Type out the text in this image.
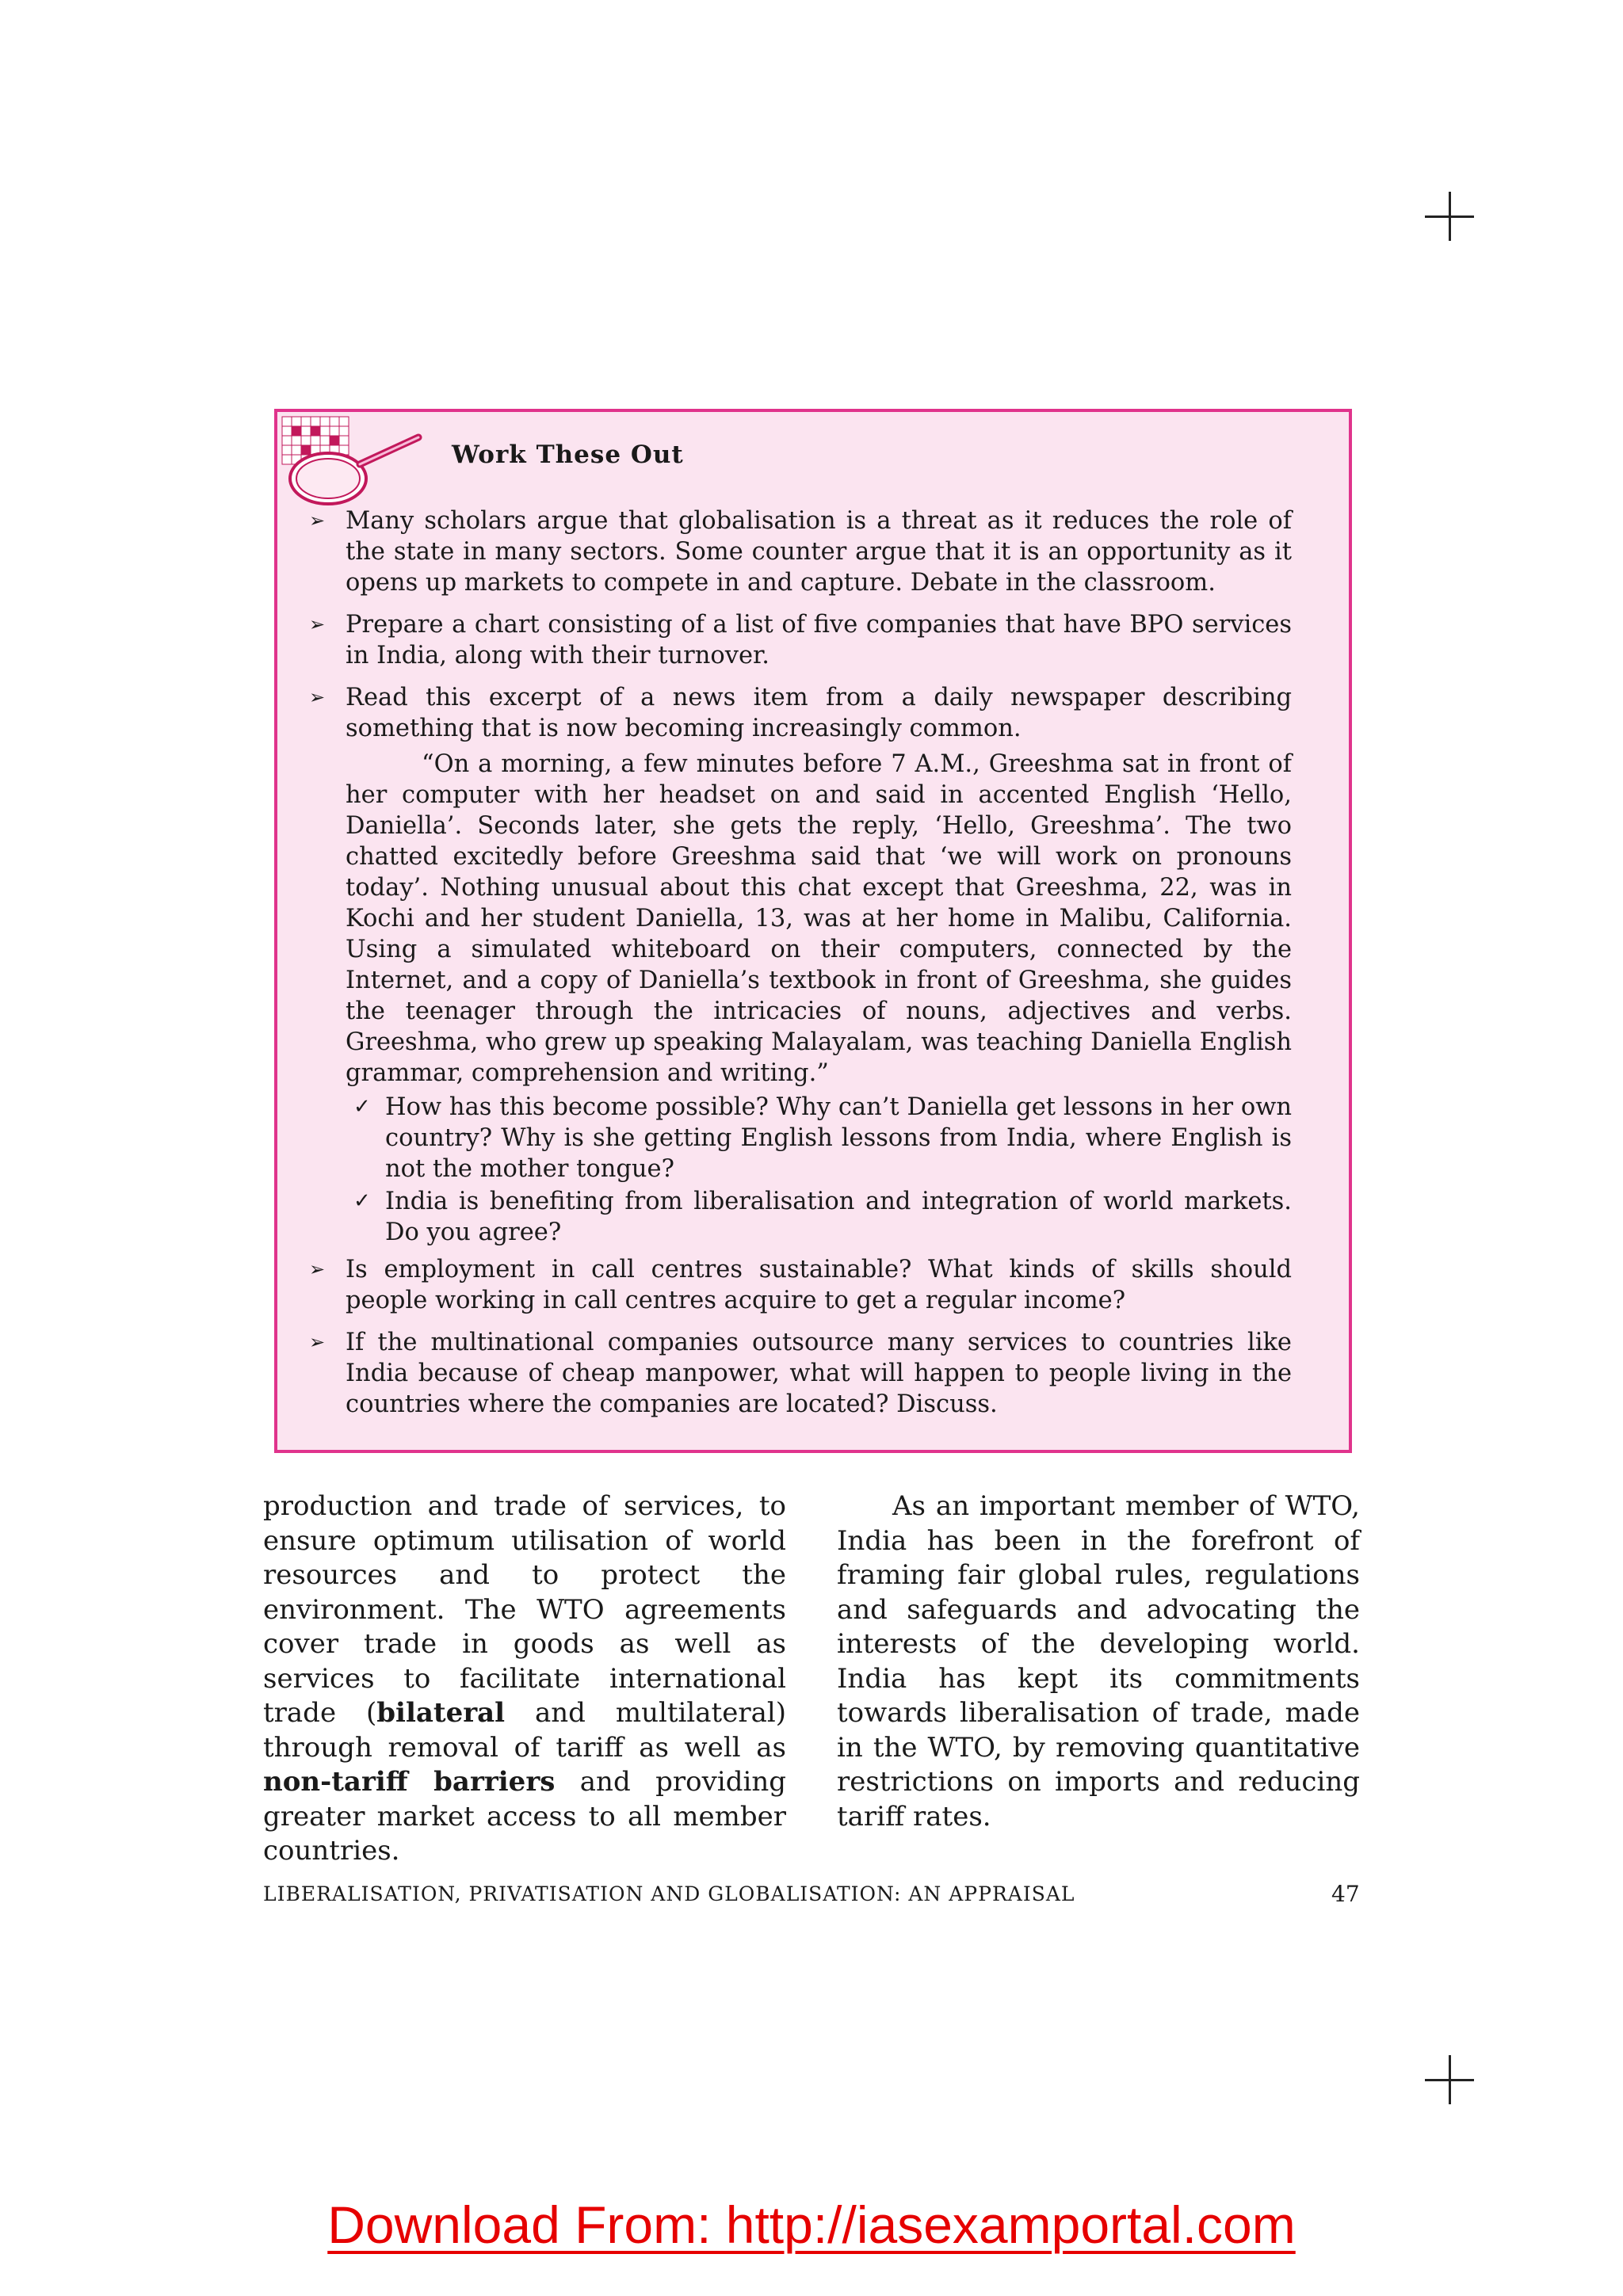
Work These Out
➢ Many scholars argue that globalisation is a threat as it reduces the role of the state in many sectors. Some counter argue that it is an opportunity as it opens up markets to compete in and capture. Debate in the classroom.
➢ Prepare a chart consisting of a list of five companies that have BPO services in India, along with their turnover.
➢ Read this excerpt of a news item from a daily newspaper describing something that is now becoming increasingly common.
“On a morning, a few minutes before 7 A.M., Greeshma sat in front of her computer with her headset on and said in accented English ‘Hello, Daniella’. Seconds later, she gets the reply, ‘Hello, Greeshma’. The two chatted excitedly before Greeshma said that ‘we will work on pronouns today’. Nothing unusual about this chat except that Greeshma, 22, was in Kochi and her student Daniella, 13, was at her home in Malibu, California. Using a simulated whiteboard on their computers, connected by the Internet, and a copy of Daniella’s textbook in front of Greeshma, she guides the teenager through the intricacies of nouns, adjectives and verbs. Greeshma, who grew up speaking Malayalam, was teaching Daniella English grammar, comprehension and writing.”
✓ How has this become possible? Why can’t Daniella get lessons in her own country? Why is she getting English lessons from India, where English is not the mother tongue?
✓ India is benefiting from liberalisation and integration of world markets. Do you agree?
➢ Is employment in call centres sustainable? What kinds of skills should people working in call centres acquire to get a regular income?
➢ If the multinational companies outsource many services to countries like India because of cheap manpower, what will happen to people living in the countries where the companies are located? Discuss.

production and trade of services, to ensure optimum utilisation of world resources and to protect the environment. The WTO agreements cover trade in goods as well as services to facilitate international trade (bilateral and multilateral) through removal of tariff as well as non-tariff barriers and providing greater market access to all member countries.

As an important member of WTO, India has been in the forefront of framing fair global rules, regulations and safeguards and advocating the interests of the developing world. India has kept its commitments towards liberalisation of trade, made in the WTO, by removing quantitative restrictions on imports and reducing tariff rates.

LIBERALISATION, PRIVATISATION AND GLOBALISATION: AN APPRAISAL	47
Download From: http://iasexamportal.com
